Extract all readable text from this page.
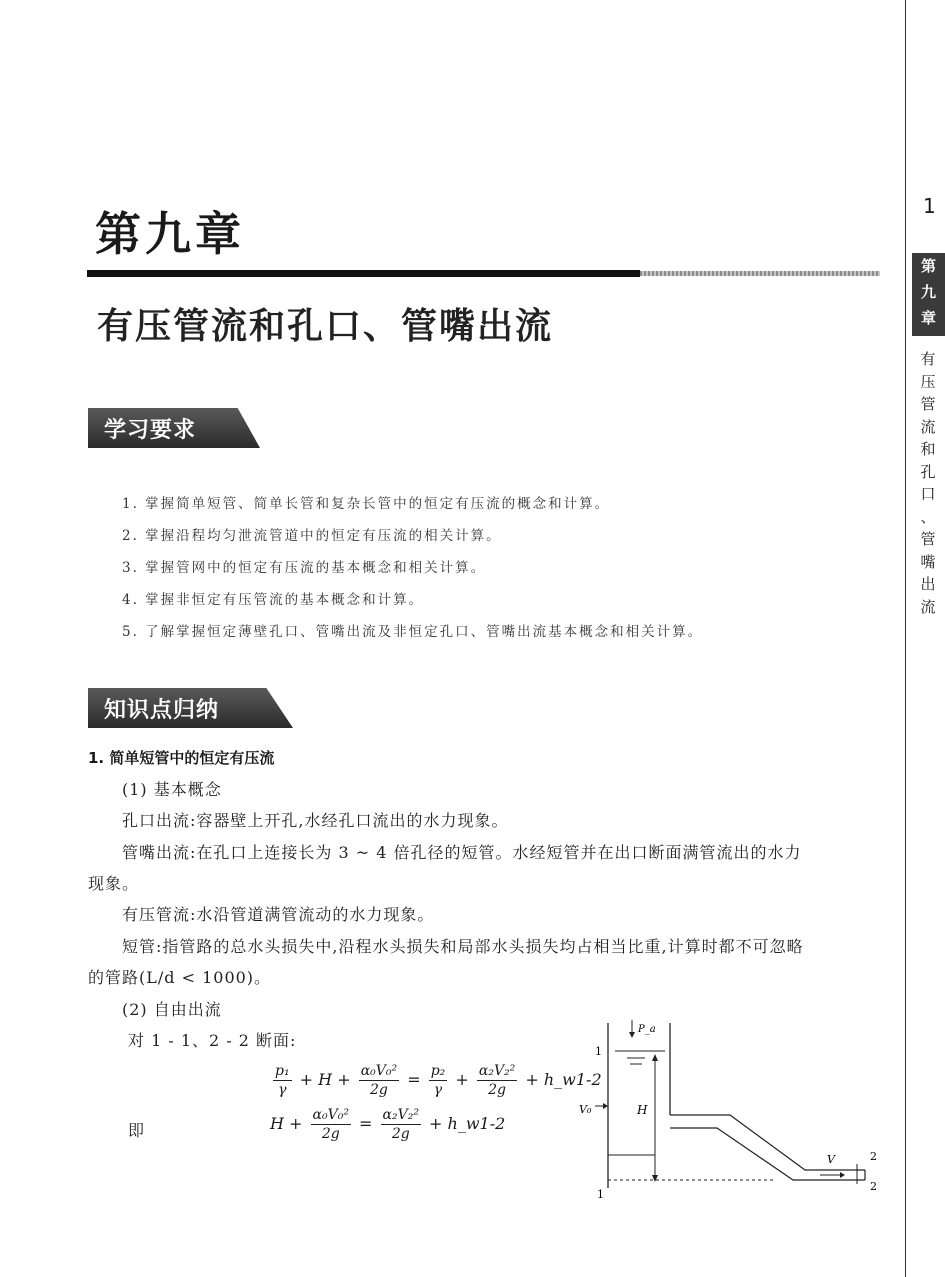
1
第
九
章
有
压
管
流
和
孔
口
、
管
嘴
出
流
第九章
有压管流和孔口、管嘴出流
学习要求
1. 掌握简单短管、简单长管和复杂长管中的恒定有压流的概念和计算。
2. 掌握沿程均匀泄流管道中的恒定有压流的相关计算。
3. 掌握管网中的恒定有压流的基本概念和相关计算。
4. 掌握非恒定有压管流的基本概念和计算。
5. 了解掌握恒定薄壁孔口、管嘴出流及非恒定孔口、管嘴出流基本概念和相关计算。
知识点归纳
1. 简单短管中的恒定有压流
(1) 基本概念
孔口出流:容器壁上开孔,水经孔口流出的水力现象。
管嘴出流:在孔口上连接长为 3 ~ 4 倍孔径的短管。水经短管并在出口断面满管流出的水力
现象。
有压管流:水沿管道满管流动的水力现象。
短管:指管路的总水头损失中,沿程水头损失和局部水头损失均占相当比重,计算时都不可忽略
的管路(L/d < 1000)。
(2) 自由出流
对 1 - 1、2 - 2 断面:
$\frac{\text{p₁}}{\gamma} + H + \frac{\text{α₀V₀²}}{2g} = \frac{\text{p₂}}{\gamma} + \frac{\text{α₂V₂²}}{2g}$ + h_w1-2
即	$H + \frac{\text{α₀V₀²}}{2g} = \frac{\text{α₂V₂²}}{2g}$ + h_w1-2
P_a
1
V₀	H
V	2
2
1
